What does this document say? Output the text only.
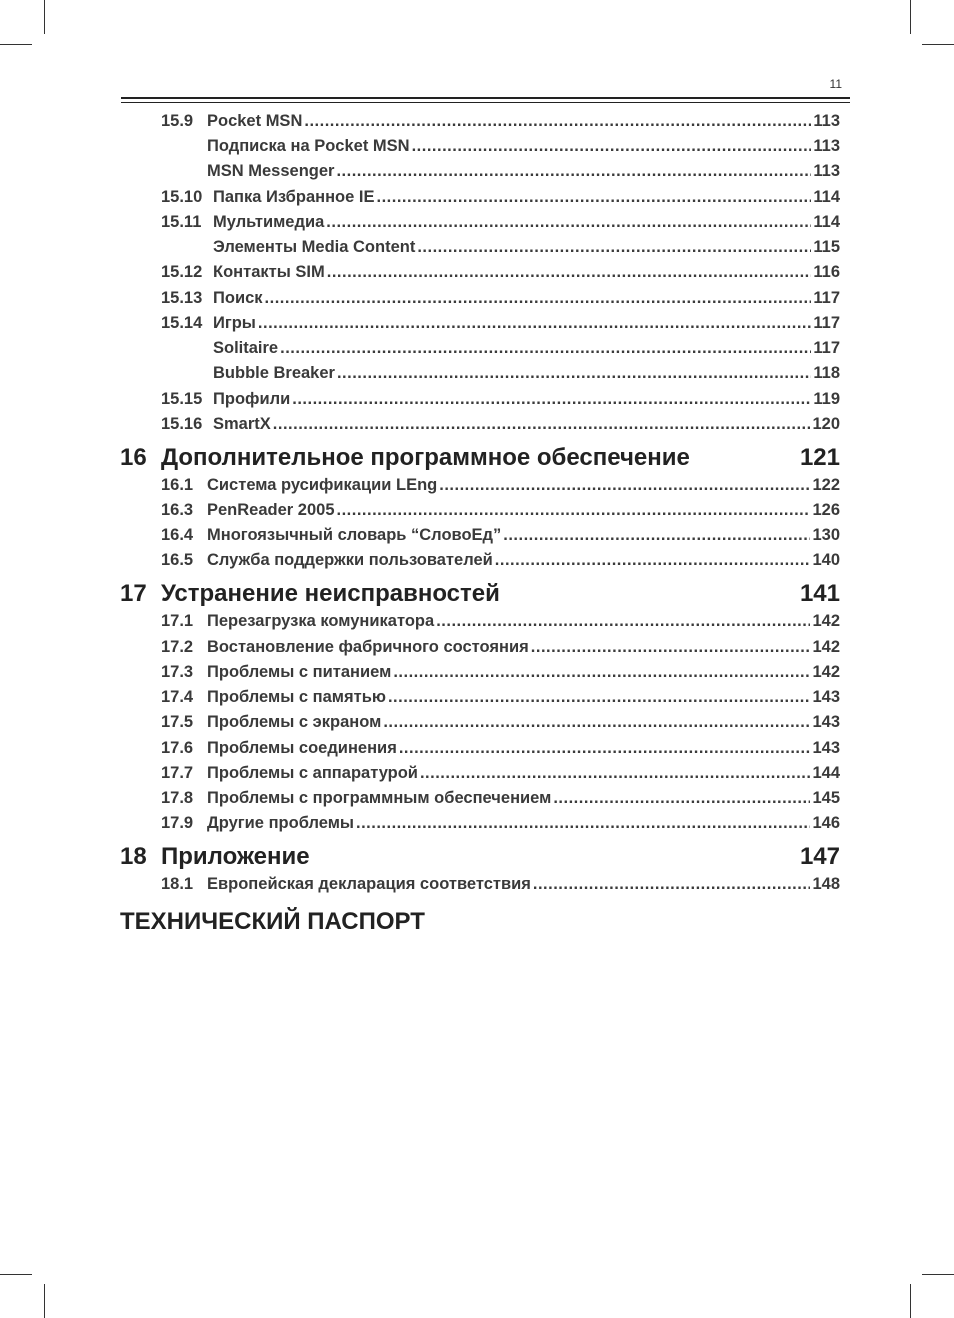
11
15.9 Pocket MSN .....	113
Подписка на Pocket MSN .....	113
MSN Messenger .....	113
15.10 Папка Избранное IE .....	114
15.11 Мультимедиа .....	114
Элементы Media Content .....	115
15.12 Контакты SIM .....	116
15.13 Поиск .....	117
15.14 Игры .....	117
Solitaire .....	117
Bubble Breaker .....	118
15.15 Профили .....	119
15.16 SmartX .....	120
16 Дополнительное программное обеспечение	121
16.1 Система русификации LEng .....	122
16.3 PenReader 2005 .....	126
16.4 Многоязычный словарь “СловоЕд” .....	130
16.5 Служба поддержки пользователей .....	140
17 Устранение неисправностей	141
17.1 Перезагрузка комуникатора .....	142
17.2 Востановление фабричного состояния .....	142
17.3 Проблемы с питанием .....	142
17.4 Проблемы с памятью .....	143
17.5 Проблемы с экраном .....	143
17.6 Проблемы соединения .....	143
17.7 Проблемы с аппаратурой .....	144
17.8 Проблемы с программным обеспечением .....	145
17.9 Другие проблемы .....	146
18 Приложение	147
18.1 Европейская декларация соответствия .....	148
ТЕХНИЧЕСКИЙ ПАСПОРТ
